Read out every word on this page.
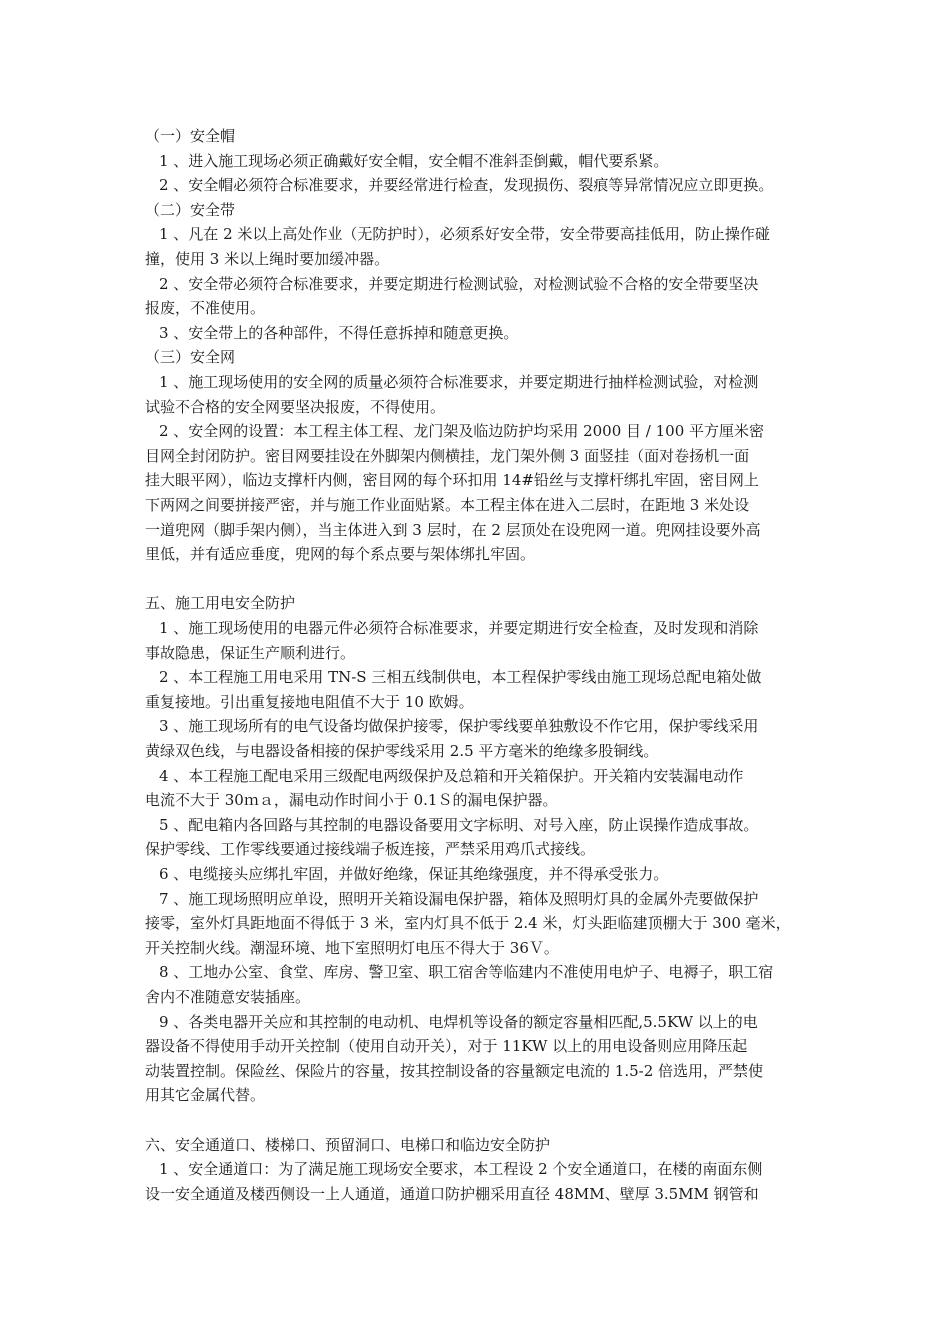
（一）安全帽
1 、进入施工现场必须正确戴好安全帽，安全帽不准斜歪倒戴，帽代要系紧。
2 、安全帽必须符合标准要求，并要经常进行检查，发现损伤、裂痕等异常情况应立即更换。
（二）安全带
1 、凡在 2 米以上高处作业（无防护时），必须系好安全带，安全带要高挂低用，防止操作碰
撞，使用 3 米以上绳时要加缓冲器。
2 、安全带必须符合标准要求，并要定期进行检测试验，对检测试验不合格的安全带要坚决
报废，不准使用。
3 、安全带上的各种部件，不得任意拆掉和随意更换。
（三）安全网
1 、施工现场使用的安全网的质量必须符合标准要求，并要定期进行抽样检测试验，对检测
试验不合格的安全网要坚决报废，不得使用。
2 、安全网的设置：本工程主体工程、龙门架及临边防护均采用 2000 目 / 100 平方厘米密
目网全封闭防护。密目网要挂设在外脚架内侧横挂，龙门架外侧 3 面竖挂（面对卷扬机一面
挂大眼平网），临边支撑杆内侧，密目网的每个环扣用 14#铅丝与支撑杆绑扎牢固，密目网上
下两网之间要拼接严密，并与施工作业面贴紧。本工程主体在进入二层时，在距地 3 米处设
一道兜网（脚手架内侧），当主体进入到 3 层时，在 2 层顶处在设兜网一道。兜网挂设要外高
里低，并有适应垂度，兜网的每个系点要与架体绑扎牢固。
五、施工用电安全防护
1 、施工现场使用的电器元件必须符合标准要求，并要定期进行安全检查，及时发现和消除
事故隐患，保证生产顺利进行。
2 、本工程施工用电采用 TN-S 三相五线制供电，本工程保护零线由施工现场总配电箱处做
重复接地。引出重复接地电阻值不大于 10 欧姆。
3 、施工现场所有的电气设备均做保护接零，保护零线要单独敷设不作它用，保护零线采用
黄绿双色线，与电器设备相接的保护零线采用 2.5 平方毫米的绝缘多股铜线。
4 、本工程施工配电采用三级配电两级保护及总箱和开关箱保护。开关箱内安装漏电动作
电流不大于 30ｍａ，漏电动作时间小于 0.1Ｓ的漏电保护器。
5 、配电箱内各回路与其控制的电器设备要用文字标明、对号入座，防止误操作造成事故。
保护零线、工作零线要通过接线端子板连接，严禁采用鸡爪式接线。
6 、电缆接头应绑扎牢固，并做好绝缘，保证其绝缘强度，并不得承受张力。
7 、施工现场照明应单设，照明开关箱设漏电保护器，箱体及照明灯具的金属外壳要做保护
接零，室外灯具距地面不得低于 3 米，室内灯具不低于 2.4 米，灯头距临建顶棚大于 300 毫米，
开关控制火线。潮湿环境、地下室照明灯电压不得大于 36Ｖ。
8 、工地办公室、食堂、库房、警卫室、职工宿舍等临建内不准使用电炉子、电褥子，职工宿
舍内不准随意安装插座。
9 、各类电器开关应和其控制的电动机、电焊机等设备的额定容量相匹配,5.5KW 以上的电
器设备不得使用手动开关控制（使用自动开关），对于 11KW 以上的用电设备则应用降压起
动装置控制。保险丝、保险片的容量，按其控制设备的容量额定电流的 1.5-2 倍选用，严禁使
用其它金属代替。
六、安全通道口、楼梯口、预留洞口、电梯口和临边安全防护
1 、安全通道口：为了满足施工现场安全要求，本工程设 2 个安全通道口，在楼的南面东侧
设一安全通道及楼西侧设一上人通道，通道口防护棚采用直径 48MM、壁厚 3.5MM 钢管和
